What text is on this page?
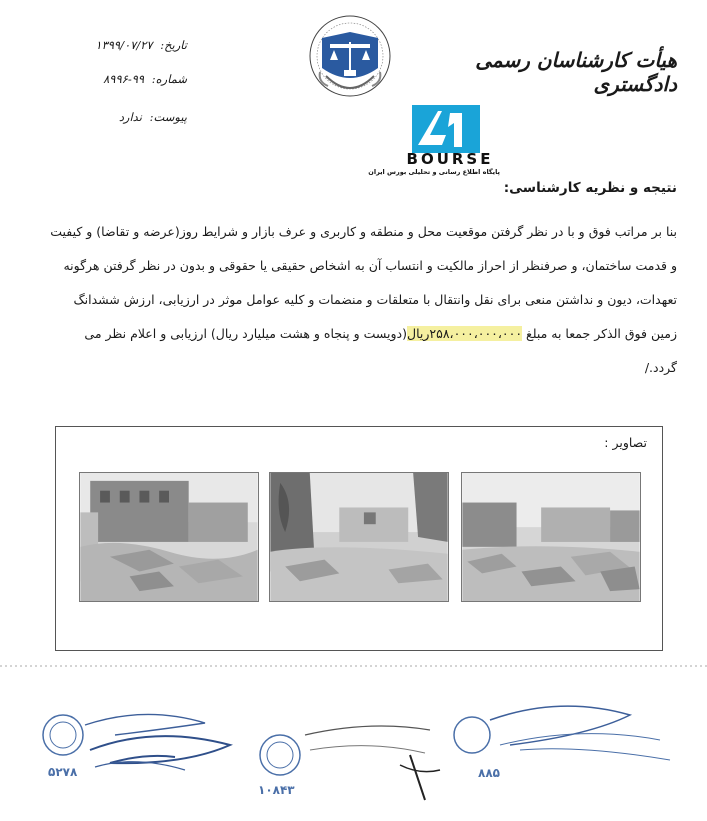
تاریخ: ۱۳۹۹/۰۷/۲۷
شماره: ۹۹-۸۹۹۶
پیوست: ندارد
هیأت کارشناسان رسمی دادگستری
BOURSE
پایگاه اطلاع رسانی و تحلیلی بورس ایران
نتیجه و نظریه کارشناسی:

بنا بر مراتب فوق و با در نظر گرفتن موقعیت محل و منطقه و کاربری و عرف بازار و شرایط روز(عرضه و تقاضا) و کیفیت

و قدمت ساختمان، و صرفنظر از احراز مالکیت و انتساب آن به اشخاص حقیقی یا حقوقی و بدون در نظر گرفتن هرگونه

تعهدات، دیون و نداشتن منعی برای نقل وانتقال با متعلقات و منضمات و کلیه عوامل موثر در ارزیابی، ارزش ششدانگ

زمین فوق الذکر جمعا به مبلغ ۲۵۸،۰۰۰،۰۰۰،۰۰۰ریال(دویست و پنجاه و هشت میلیارد ریال) ارزیابی و اعلام نظر می

گردد./

تصاویر :
۵۲۷۸
۱۰۸۴۳
۸۸۵
